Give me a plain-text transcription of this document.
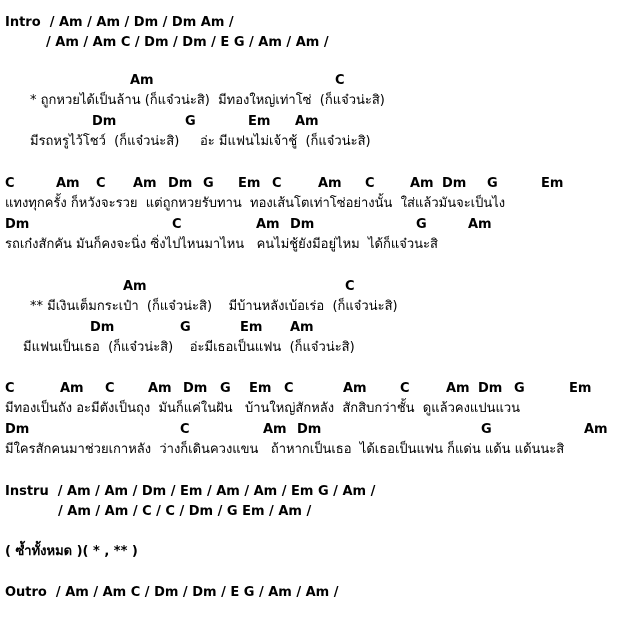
Intro  / Am / Am / Dm / Dm Am /
/ Am / Am C / Dm / Dm / E G / Am / Am /
Am	C
* ถูกหวยได้เป็นล้าน (ก็แจ๋วน่ะสิ)  มีทองใหญ่เท่าโซ่  (ก็แจ๋วน่ะสิ)
Dm	G	Em Am
มีรถหรูไว้โชว์  (ก็แจ๋วน่ะสิ)     อ่ะ มีแฟนไม่เจ้าชู้  (ก็แจ๋วน่ะสิ)
C	Am C Am Dm G Em C	Am C	Am Dm G	Em
แทงทุกครั้ง ก็หวังจะรวย  แต่ถูกหวยรับทาน  ทองเส้นโตเท่าโซ่อย่างนั้น  ใส่แล้วมันจะเป็นไง
Dm	C	Am Dm	G	Am
รถเก๋งสักคัน มันก็คงจะนิ่ง ซิ่งไปไหนมาไหน   คนไม่ชู้ยังมีอยู่ไหม  ได้ก็แจ๋วนะสิ
Am	C
** มีเงินเต็มกระเป๋า  (ก็แจ๋วน่ะสิ)    มีบ้านหลังเบ้อเร่อ  (ก็แจ๋วน่ะสิ)
Dm	G	Em Am
มีแฟนเป็นเธอ  (ก็แจ๋วน่ะสิ)    อ่ะมีเธอเป็นแฟน  (ก็แจ๋วน่ะสิ)
C	Am C	Am Dm G Em C	Am	C	Am Dm G	Em
มีทองเป็นถัง อะมีตังเป็นถุง  มันก็แค่ในฝัน   บ้านใหญ่สักหลัง  สักสิบกว่าชั้น  ดูแล้วคงแปนแวน
Dm	C	Am Dm	G	Am
มีใครสักคนมาช่วยเกาหลัง  ว่างก็เดินควงแขน   ถ้าหากเป็นเธอ  ได้เธอเป็นแฟน ก็แด่น แด้น แด้นนะสิ
Instru  / Am / Am / Dm / Em / Am / Am / Em G / Am /
/ Am / Am / C / C / Dm / G Em / Am /
( ซ้ำทั้งหมด )( * , ** )
Outro  / Am / Am C / Dm / Dm / E G / Am / Am /
